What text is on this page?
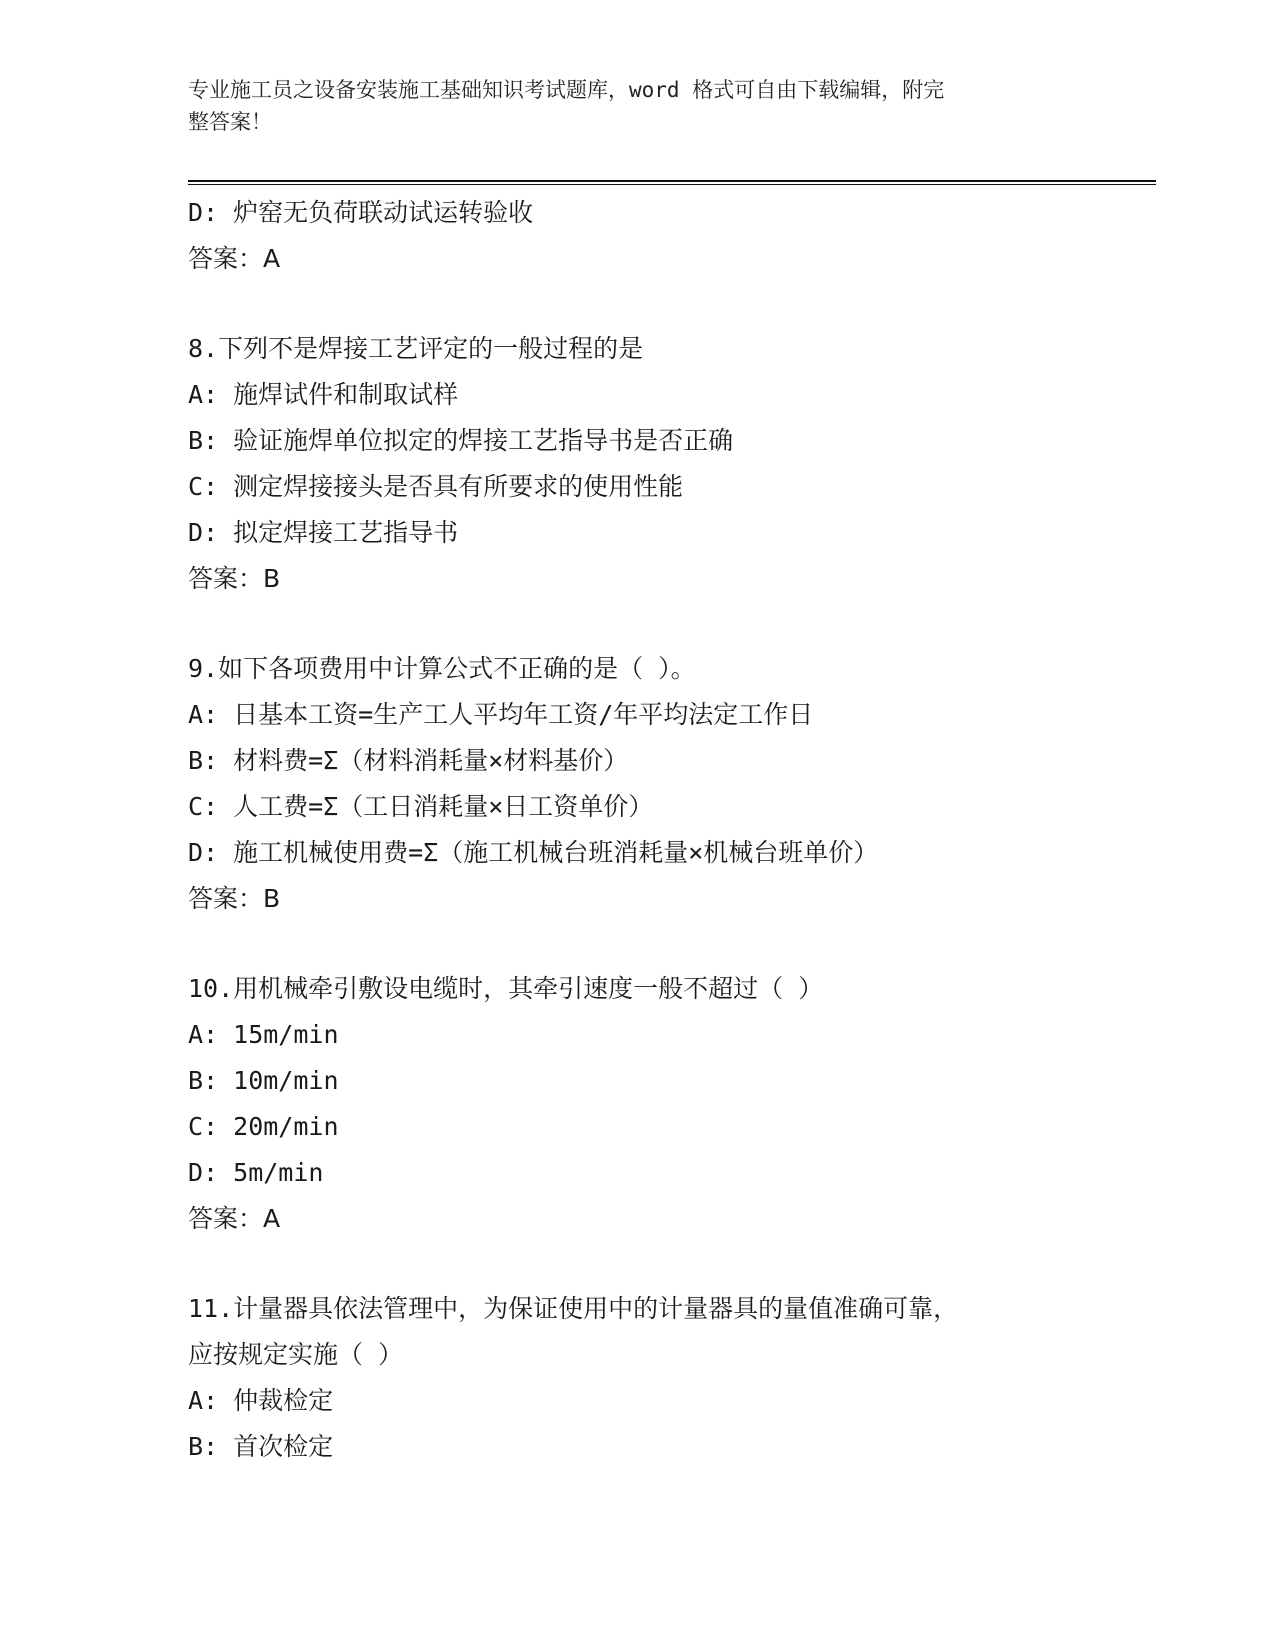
专业施工员之设备安装施工基础知识考试题库，word 格式可自由下载编辑，附完
整答案！
D: 炉窑无负荷联动试运转验收
答案：A
8.下列不是焊接工艺评定的一般过程的是
A: 施焊试件和制取试样
B: 验证施焊单位拟定的焊接工艺指导书是否正确
C: 测定焊接接头是否具有所要求的使用性能
D: 拟定焊接工艺指导书
答案：B
9.如下各项费用中计算公式不正确的是（ ）。
A: 日基本工资=生产工人平均年工资/年平均法定工作日
B: 材料费=Σ（材料消耗量×材料基价）
C: 人工费=Σ（工日消耗量×日工资单价）
D: 施工机械使用费=Σ（施工机械台班消耗量×机械台班单价）
答案：B
10.用机械牵引敷设电缆时，其牵引速度一般不超过（ ）
A: 15m/min
B: 10m/min
C: 20m/min
D: 5m/min
答案：A
11.计量器具依法管理中，为保证使用中的计量器具的量值准确可靠，
应按规定实施（ ）
A: 仲裁检定
B: 首次检定
